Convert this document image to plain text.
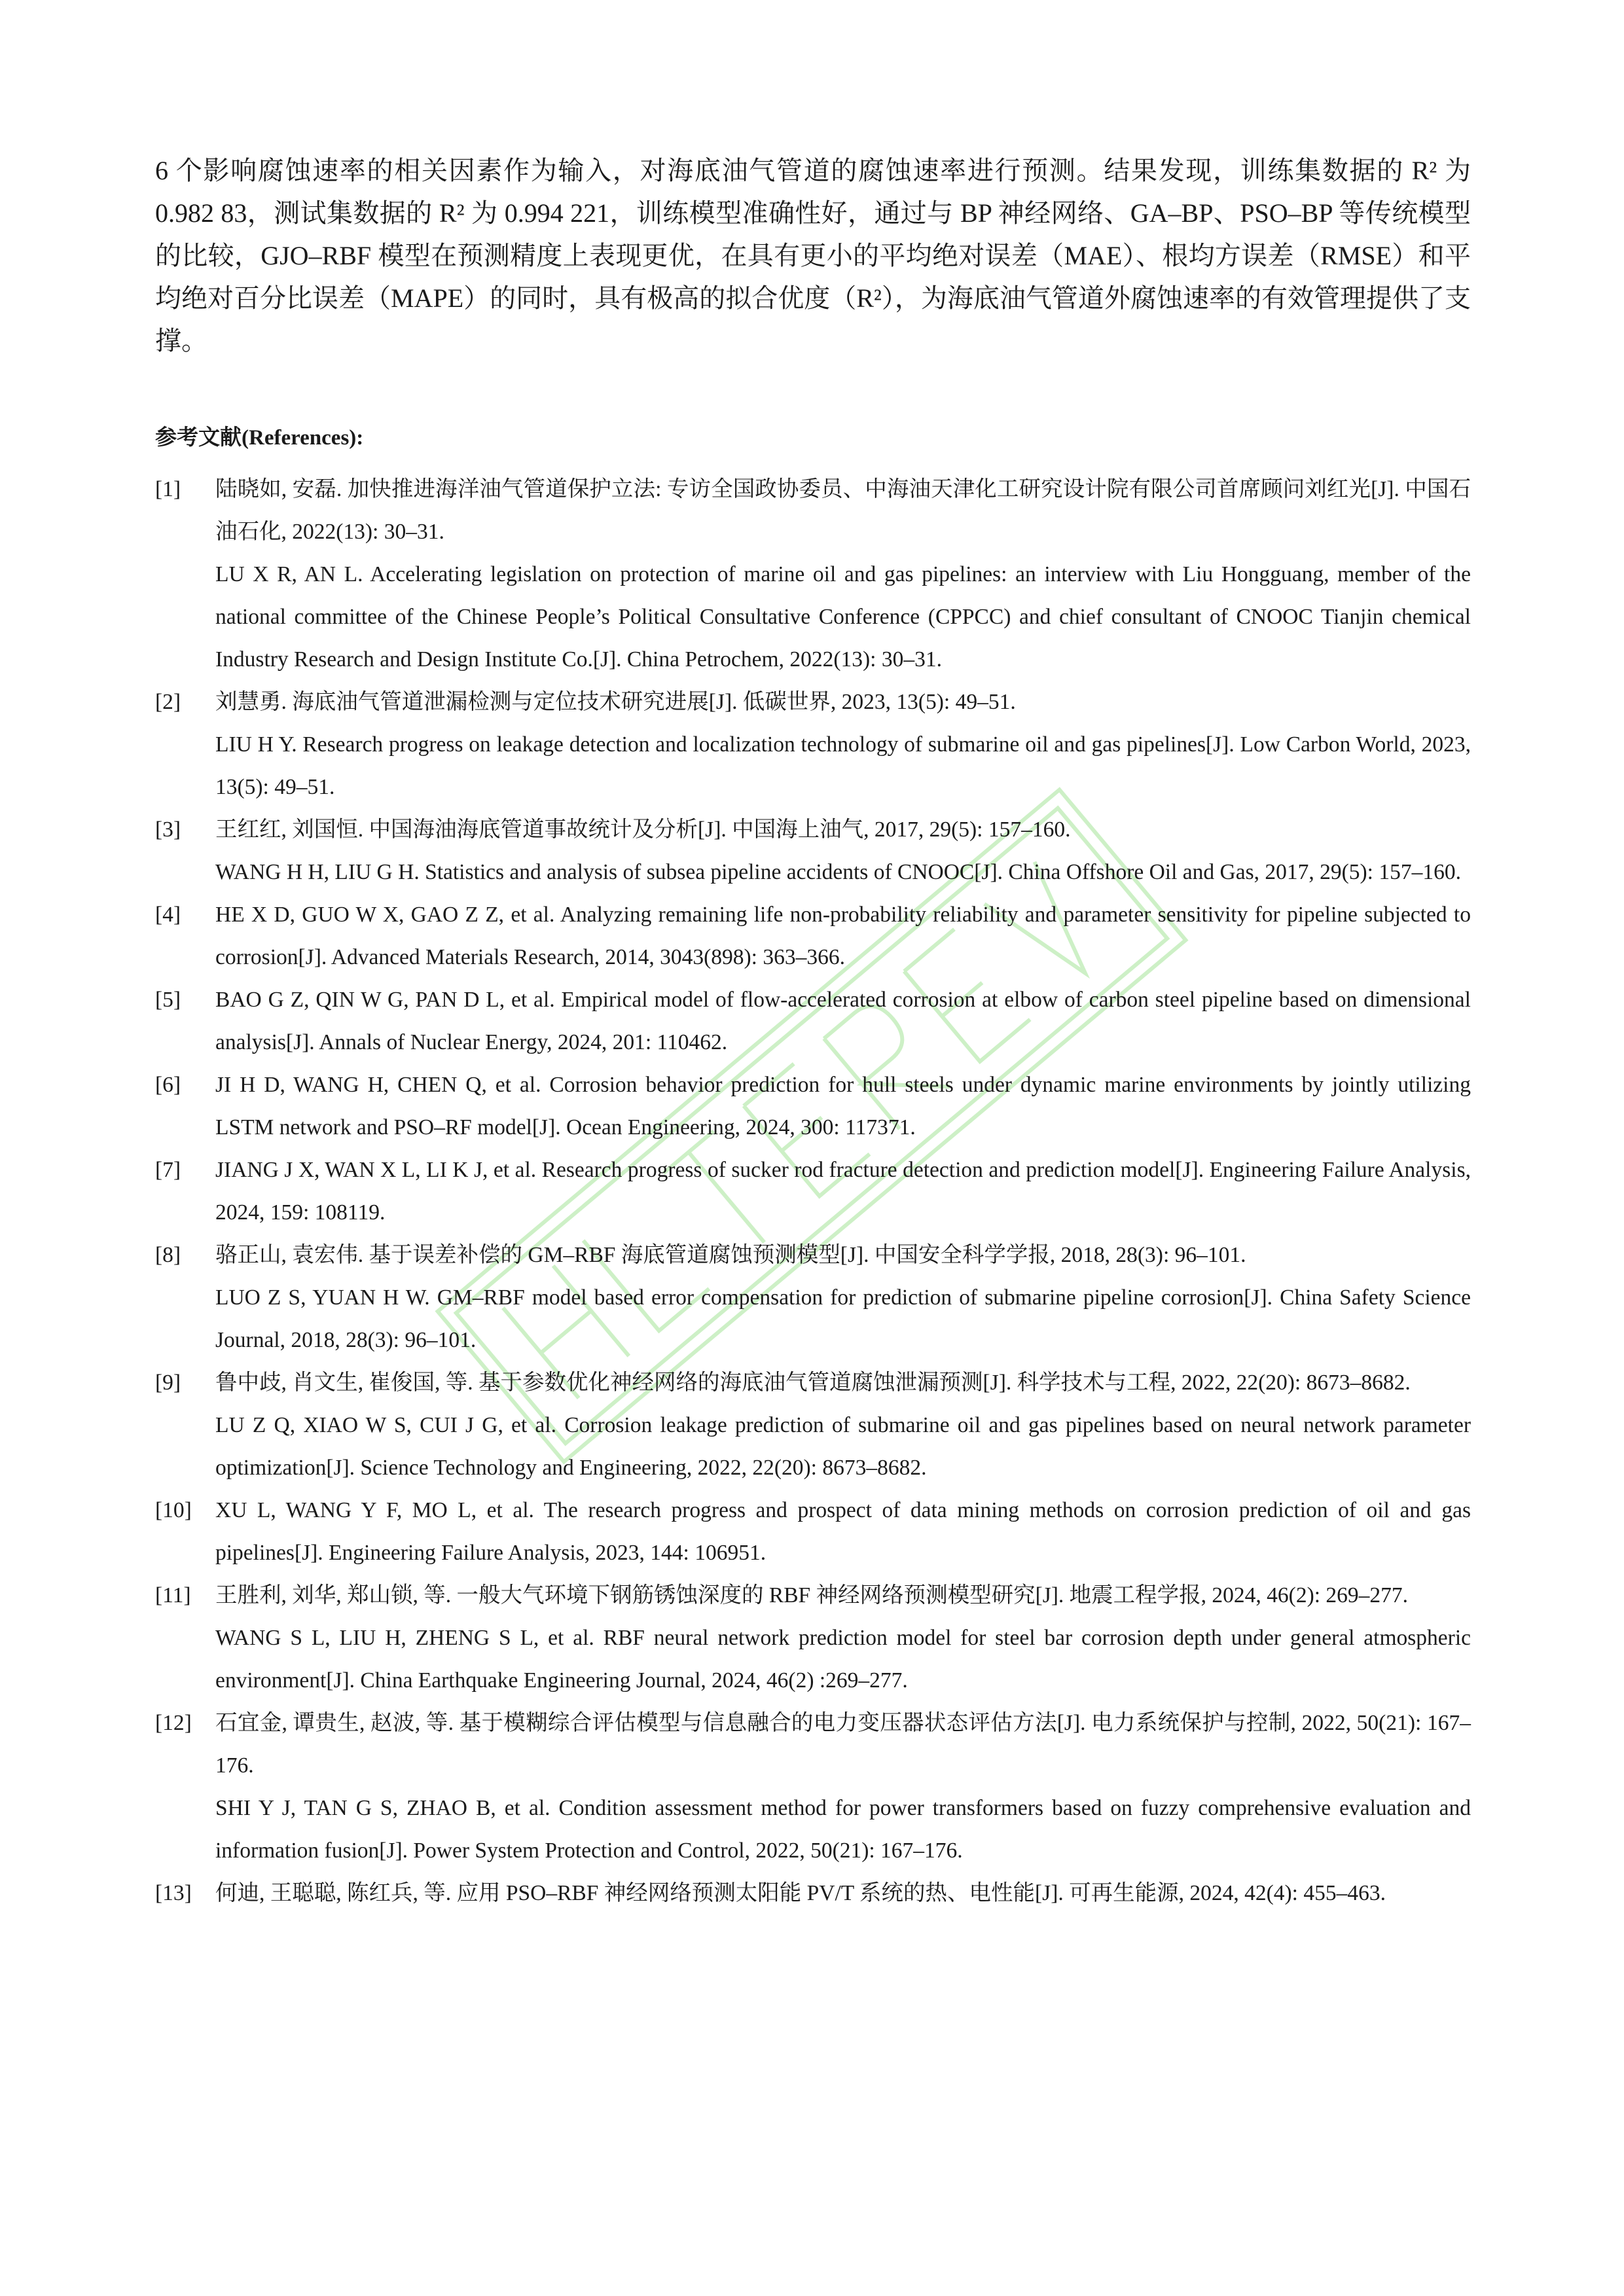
6 个影响腐蚀速率的相关因素作为输入，对海底油气管道的腐蚀速率进行预测。结果发现，训练集数据的 R² 为 0.982 83，测试集数据的 R² 为 0.994 221，训练模型准确性好，通过与 BP 神经网络、GA–BP、PSO–BP 等传统模型的比较，GJO–RBF 模型在预测精度上表现更优，在具有更小的平均绝对误差（MAE）、根均方误差（RMSE）和平均绝对百分比误差（MAPE）的同时，具有极高的拟合优度（R²），为海底油气管道外腐蚀速率的有效管理提供了支撑。

参考文献(References):
[1] 陆晓如, 安磊. 加快推进海洋油气管道保护立法: 专访全国政协委员、中海油天津化工研究设计院有限公司首席顾问刘红光[J]. 中国石油石化, 2022(13): 30–31.
LU X R, AN L. Accelerating legislation on protection of marine oil and gas pipelines: an interview with Liu Hongguang, member of the national committee of the Chinese People’s Political Consultative Conference (CPPCC) and chief consultant of CNOOC Tianjin chemical Industry Research and Design Institute Co.[J]. China Petrochem, 2022(13): 30–31.
[2] 刘慧勇. 海底油气管道泄漏检测与定位技术研究进展[J]. 低碳世界, 2023, 13(5): 49–51.
LIU H Y. Research progress on leakage detection and localization technology of submarine oil and gas pipelines[J]. Low Carbon World, 2023, 13(5): 49–51.
[3] 王红红, 刘国恒. 中国海油海底管道事故统计及分析[J]. 中国海上油气, 2017, 29(5): 157–160.
WANG H H, LIU G H. Statistics and analysis of subsea pipeline accidents of CNOOC[J]. China Offshore Oil and Gas, 2017, 29(5): 157–160.
[4] HE X D, GUO W X, GAO Z Z, et al. Analyzing remaining life non-probability reliability and parameter sensitivity for pipeline subjected to corrosion[J]. Advanced Materials Research, 2014, 3043(898): 363–366.
[5] BAO G Z, QIN W G, PAN D L, et al. Empirical model of flow-accelerated corrosion at elbow of carbon steel pipeline based on dimensional analysis[J]. Annals of Nuclear Energy, 2024, 201: 110462.
[6] JI H D, WANG H, CHEN Q, et al. Corrosion behavior prediction for hull steels under dynamic marine environments by jointly utilizing LSTM network and PSO–RF model[J]. Ocean Engineering, 2024, 300: 117371.
[7] JIANG J X, WAN X L, LI K J, et al. Research progress of sucker rod fracture detection and prediction model[J]. Engineering Failure Analysis, 2024, 159: 108119.
[8] 骆正山, 袁宏伟. 基于误差补偿的 GM–RBF 海底管道腐蚀预测模型[J]. 中国安全科学学报, 2018, 28(3): 96–101.
LUO Z S, YUAN H W. GM–RBF model based error compensation for prediction of submarine pipeline corrosion[J]. China Safety Science Journal, 2018, 28(3): 96–101.
[9] 鲁中歧, 肖文生, 崔俊国, 等. 基于参数优化神经网络的海底油气管道腐蚀泄漏预测[J]. 科学技术与工程, 2022, 22(20): 8673–8682.
LU Z Q, XIAO W S, CUI J G, et al. Corrosion leakage prediction of submarine oil and gas pipelines based on neural network parameter optimization[J]. Science Technology and Engineering, 2022, 22(20): 8673–8682.
[10] XU L, WANG Y F, MO L, et al. The research progress and prospect of data mining methods on corrosion prediction of oil and gas pipelines[J]. Engineering Failure Analysis, 2023, 144: 106951.
[11] 王胜利, 刘华, 郑山锁, 等. 一般大气环境下钢筋锈蚀深度的 RBF 神经网络预测模型研究[J]. 地震工程学报, 2024, 46(2): 269–277.
WANG S L, LIU H, ZHENG S L, et al. RBF neural network prediction model for steel bar corrosion depth under general atmospheric environment[J]. China Earthquake Engineering Journal, 2024, 46(2) :269–277.
[12] 石宜金, 谭贵生, 赵波, 等. 基于模糊综合评估模型与信息融合的电力变压器状态评估方法[J]. 电力系统保护与控制, 2022, 50(21): 167–176.
SHI Y J, TAN G S, ZHAO B, et al. Condition assessment method for power transformers based on fuzzy comprehensive evaluation and information fusion[J]. Power System Protection and Control, 2022, 50(21): 167–176.
[13] 何迪, 王聪聪, 陈红兵, 等. 应用 PSO–RBF 神经网络预测太阳能 PV/T 系统的热、电性能[J]. 可再生能源, 2024, 42(4): 455–463.
